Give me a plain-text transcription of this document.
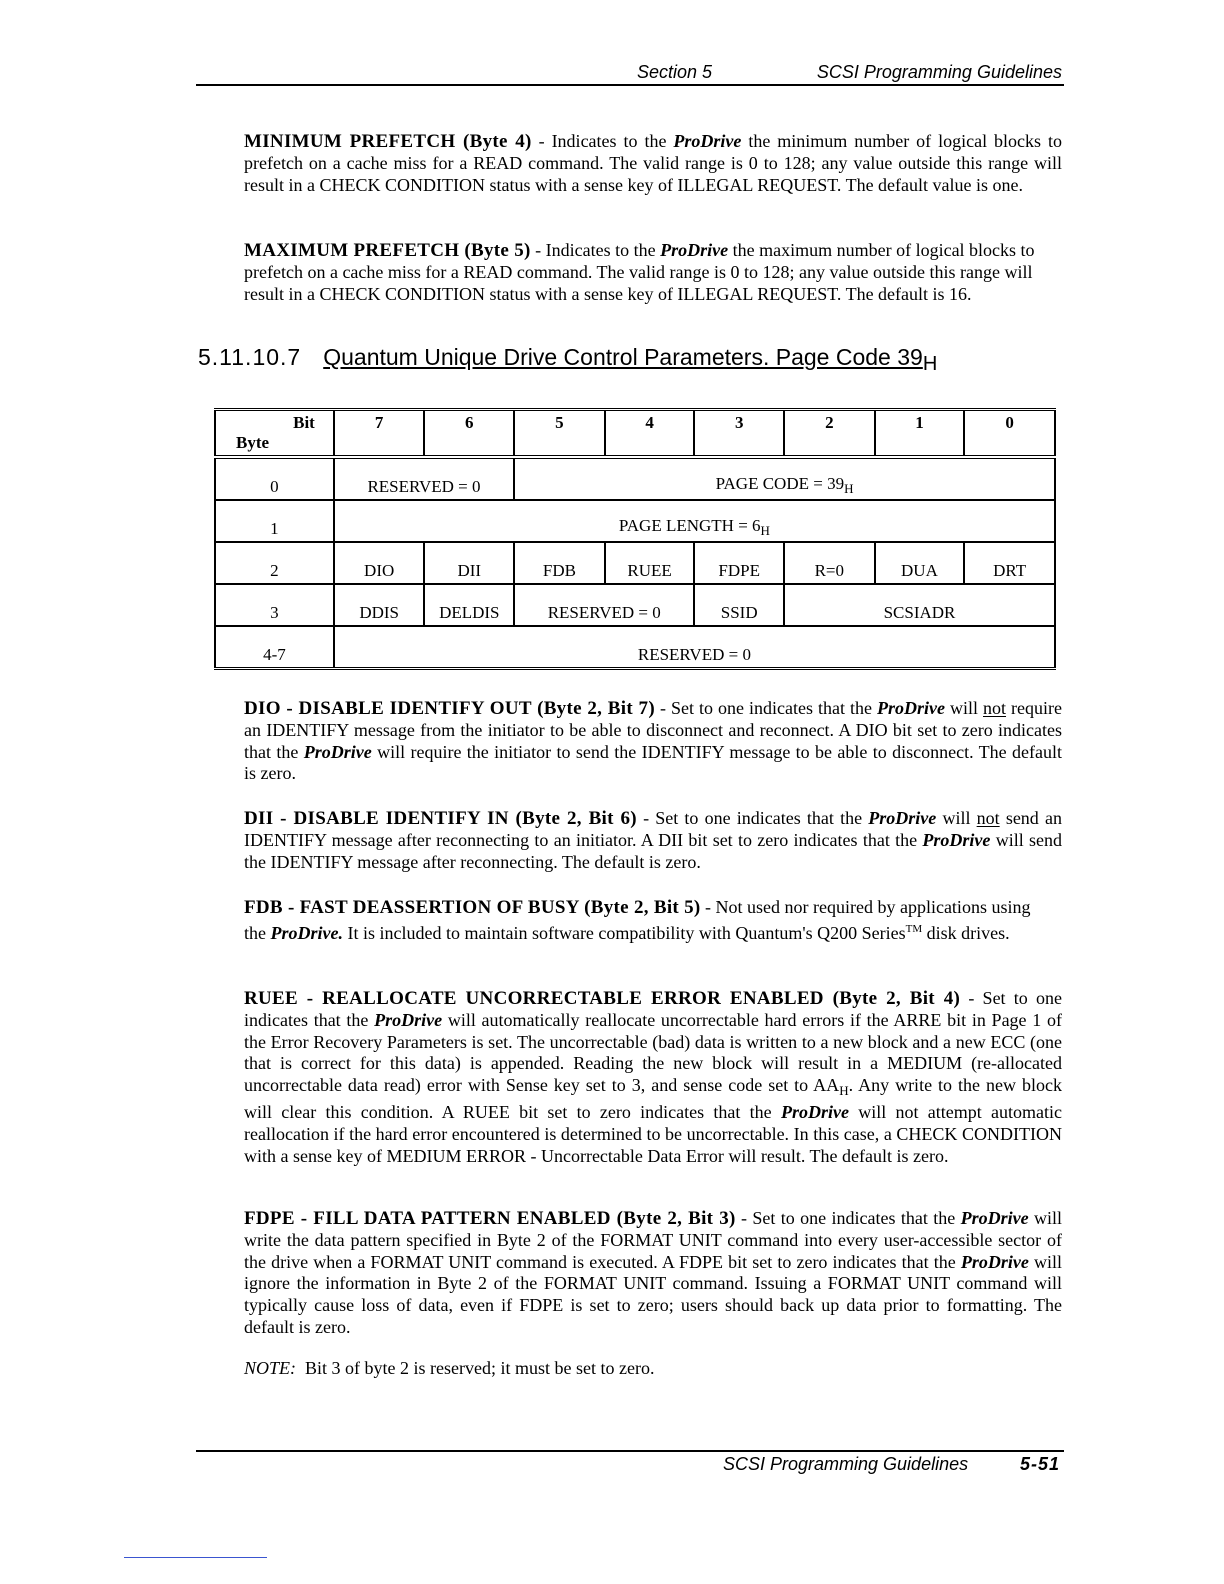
Section 5	SCSI Programming Guidelines

MINIMUM PREFETCH (Byte 4) - Indicates to the ProDrive the minimum number of logical blocks to prefetch on a cache miss for a READ command. The valid range is 0 to 128; any value outside this range will result in a CHECK CONDITION status with a sense key of ILLEGAL REQUEST. The default value is one.

MAXIMUM PREFETCH (Byte 5) - Indicates to the ProDrive the maximum number of logical blocks to prefetch on a cache miss for a READ command. The valid range is 0 to 128; any value outside this range will result in a CHECK CONDITION status with a sense key of ILLEGAL REQUEST. The default is 16.

5.11.10.7 Quantum Unique Drive Control Parameters. Page Code $39_H$
Bit
Byte	7	6	5	4	3	2	1	0
0	RESERVED = 0		PAGE CODE = $39_H$
1	PAGE LENGTH = $6_H$
2	DIO	DII	FDB	RUEE	FDPE	R=0	DUA	DRT
3	DDIS	DELDIS	RESERVED = 0		SSID	SCSIADR		
4-7	RESERVED = 0							

DIO - DISABLE IDENTIFY OUT (Byte 2, Bit 7) - Set to one indicates that the ProDrive will not require an IDENTIFY message from the initiator to be able to disconnect and reconnect. A DIO bit set to zero indicates that the ProDrive will require the initiator to send the IDENTIFY message to be able to disconnect. The default is zero.

DII - DISABLE IDENTIFY IN (Byte 2, Bit 6) - Set to one indicates that the ProDrive will not send an IDENTIFY message after reconnecting to an initiator. A DII bit set to zero indicates that the ProDrive will send the IDENTIFY message after reconnecting. The default is zero.

FDB - FAST DEASSERTION OF BUSY (Byte 2, Bit 5) - Not used nor required by applications using the ProDrive. It is included to maintain software compatibility with Quantum's Q200 Series™ disk drives.

RUEE - REALLOCATE UNCORRECTABLE ERROR ENABLED (Byte 2, Bit 4) - Set to one indicates that the ProDrive will automatically reallocate uncorrectable hard errors if the ARRE bit in Page 1 of the Error Recovery Parameters is set. The uncorrectable (bad) data is written to a new block and a new ECC (one that is correct for this data) is appended. Reading the new block will result in a MEDIUM (re-allocated uncorrectable data read) error with Sense key set to 3, and sense code set to $AA_H$. Any write to the new block will clear this condition. A RUEE bit set to zero indicates that the ProDrive will not attempt automatic reallocation if the hard error encountered is determined to be uncorrectable. In this case, a CHECK CONDITION with a sense key of MEDIUM ERROR - Uncorrectable Data Error will result. The default is zero.

FDPE - FILL DATA PATTERN ENABLED (Byte 2, Bit 3) - Set to one indicates that the ProDrive will write the data pattern specified in Byte 2 of the FORMAT UNIT command into every user-accessible sector of the drive when a FORMAT UNIT command is executed. A FDPE bit set to zero indicates that the ProDrive will ignore the information in Byte 2 of the FORMAT UNIT command. Issuing a FORMAT UNIT command will typically cause loss of data, even if FDPE is set to zero; users should back up data prior to formatting. The default is zero.

NOTE: Bit 3 of byte 2 is reserved; it must be set to zero.
SCSI Programming Guidelines	5-51
